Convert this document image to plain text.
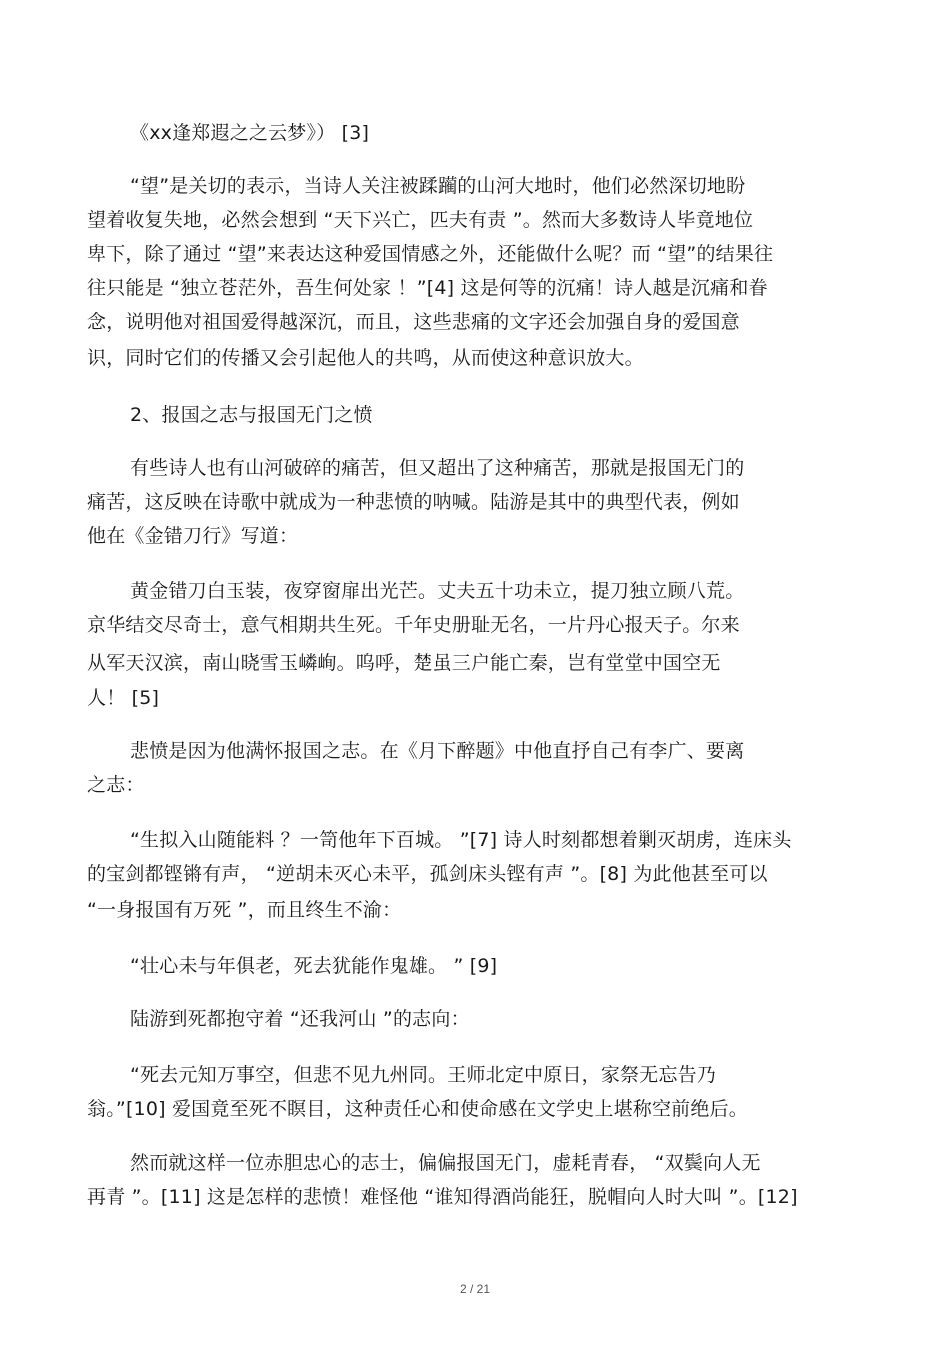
《xx逢郑遐之之云梦》） [3]
“望”是关切的表示，当诗人关注被蹂躏的山河大地时，他们必然深切地盼
望着收复失地，必然会想到 “天下兴亡，匹夫有责 ”。然而大多数诗人毕竟地位
卑下，除了通过 “望”来表达这种爱国情感之外，还能做什么呢？而 “望”的结果往
往只能是 “独立苍茫外，吾生何处家 ！”[4] 这是何等的沉痛！诗人越是沉痛和眷
念，说明他对祖国爱得越深沉，而且，这些悲痛的文字还会加强自身的爱国意
识，同时它们的传播又会引起他人的共鸣，从而使这种意识放大。
2、报国之志与报国无门之愤
有些诗人也有山河破碎的痛苦，但又超出了这种痛苦，那就是报国无门的
痛苦，这反映在诗歌中就成为一种悲愤的呐喊。陆游是其中的典型代表，例如
他在《金错刀行》写道：
黄金错刀白玉装，夜穿窗扉出光芒。丈夫五十功未立，提刀独立顾八荒。
京华结交尽奇士，意气相期共生死。千年史册耻无名，一片丹心报天子。尔来
从军天汉滨，南山晓雪玉嶙峋。呜呼，楚虽三户能亡秦，岂有堂堂中国空无
人！ [5]
悲愤是因为他满怀报国之志。在《月下醉题》中他直抒自己有李广、要离
之志：
“生拟入山随能料 ？一笥他年下百城。 ”[7] 诗人时刻都想着剿灭胡虏，连床头
的宝剑都铿锵有声， “逆胡未灭心未平，孤剑床头铿有声 ”。[8] 为此他甚至可以
“一身报国有万死 ”，而且终生不渝：
“壮心未与年俱老，死去犹能作鬼雄。 ” [9]
陆游到死都抱守着 “还我河山 ”的志向：
“死去元知万事空，但悲不见九州同。王师北定中原日，家祭无忘告乃
翁。”[10] 爱国竟至死不瞑目，这种责任心和使命感在文学史上堪称空前绝后。
然而就这样一位赤胆忠心的志士，偏偏报国无门，虚耗青春， “双鬓向人无
再青 ”。[11] 这是怎样的悲愤！难怪他 “谁知得酒尚能狂，脱帽向人时大叫 ”。[12]
2 / 21
